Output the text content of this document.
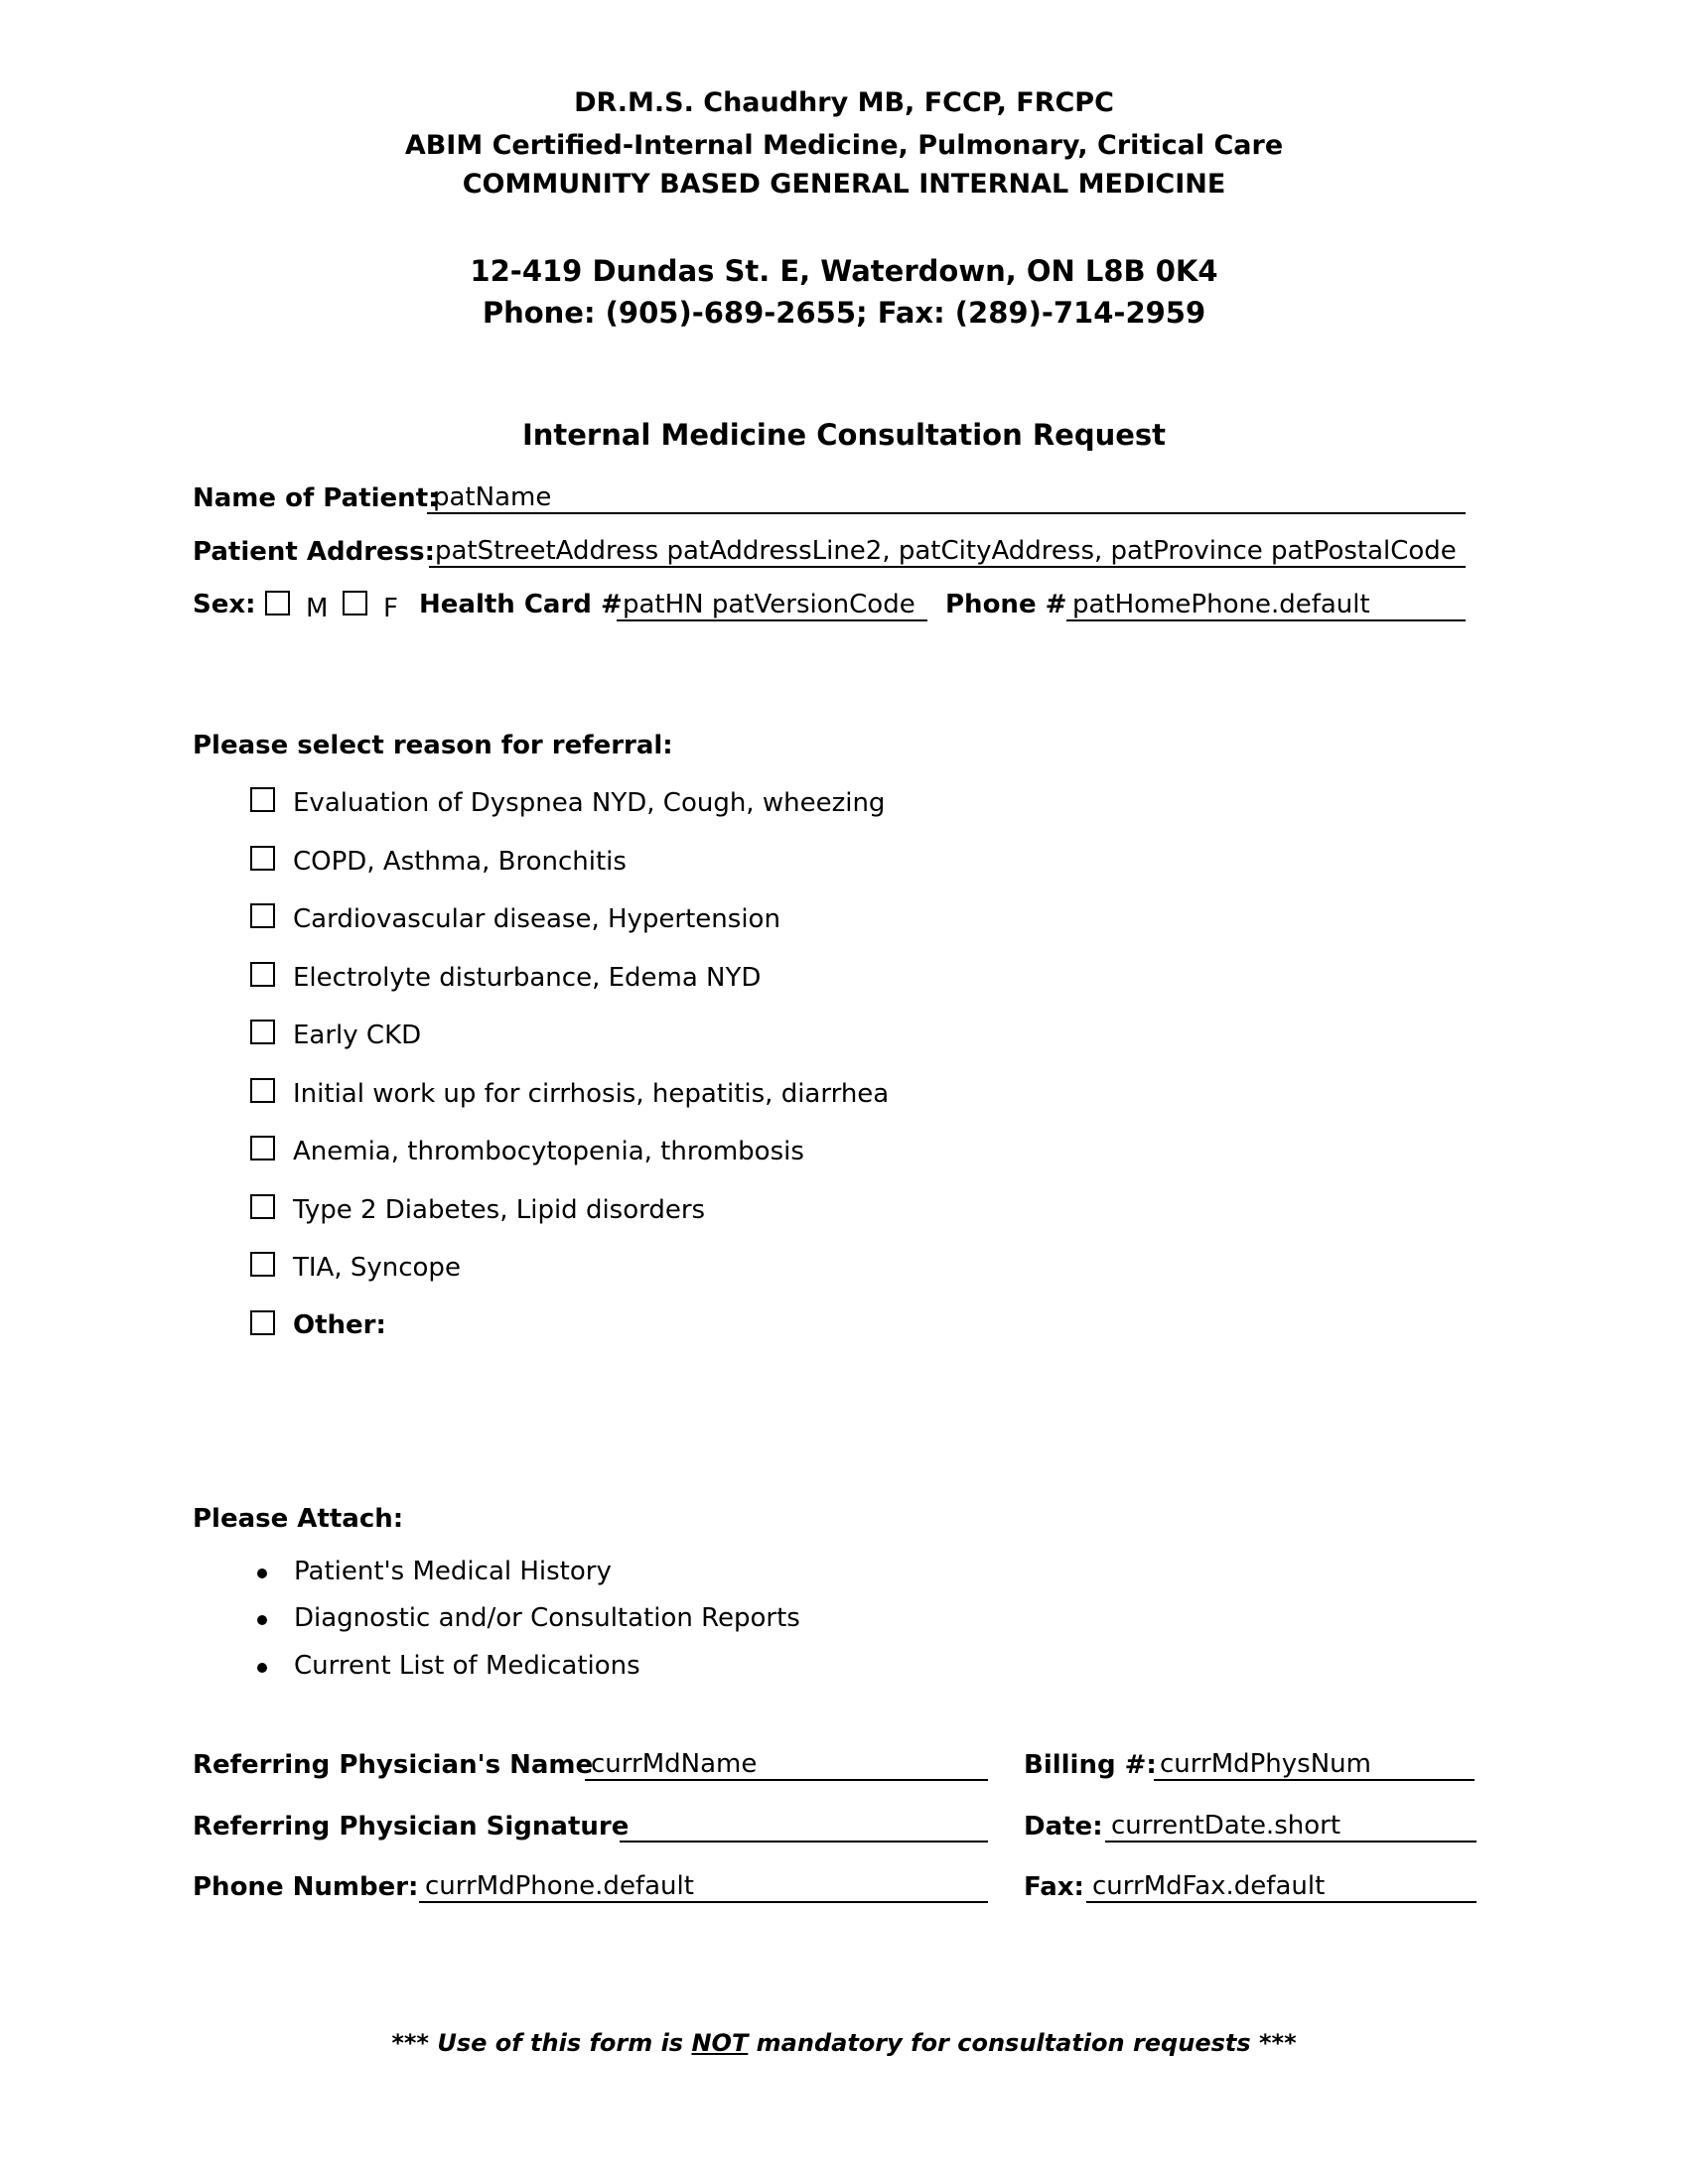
DR.M.S. Chaudhry MB, FCCP, FRCPC
ABIM Certified-Internal Medicine, Pulmonary, Critical Care
COMMUNITY BASED GENERAL INTERNAL MEDICINE
12-419 Dundas St. E, Waterdown, ON L8B 0K4
Phone: (905)-689-2655; Fax: (289)-714-2959
Internal Medicine Consultation Request
Name of Patient:
patName
Patient Address: patStreetAddress patAddressLine2, patCityAddress, patProvince patPostalCode
Sex: M F Health Card # patHN patVersionCode	Phone # patHomePhone.default
Please select reason for referral:
Evaluation of Dyspnea NYD, Cough, wheezing
COPD, Asthma, Bronchitis
Cardiovascular disease, Hypertension
Electrolyte disturbance, Edema NYD
Early CKD
Initial work up for cirrhosis, hepatitis, diarrhea
Anemia, thrombocytopenia, thrombosis
Type 2 Diabetes, Lipid disorders
TIA, Syncope
Other:
Please Attach:
Patient's Medical History
Diagnostic and/or Consultation Reports
Current List of Medications
Referring Physician's Name
currMdName	Billing #: currMdPhysNum
Referring Physician Signature	Date: currentDate.short
Phone Number: currMdPhone.default	Fax: currMdFax.default
*** Use of this form is NOT mandatory for consultation requests ***
